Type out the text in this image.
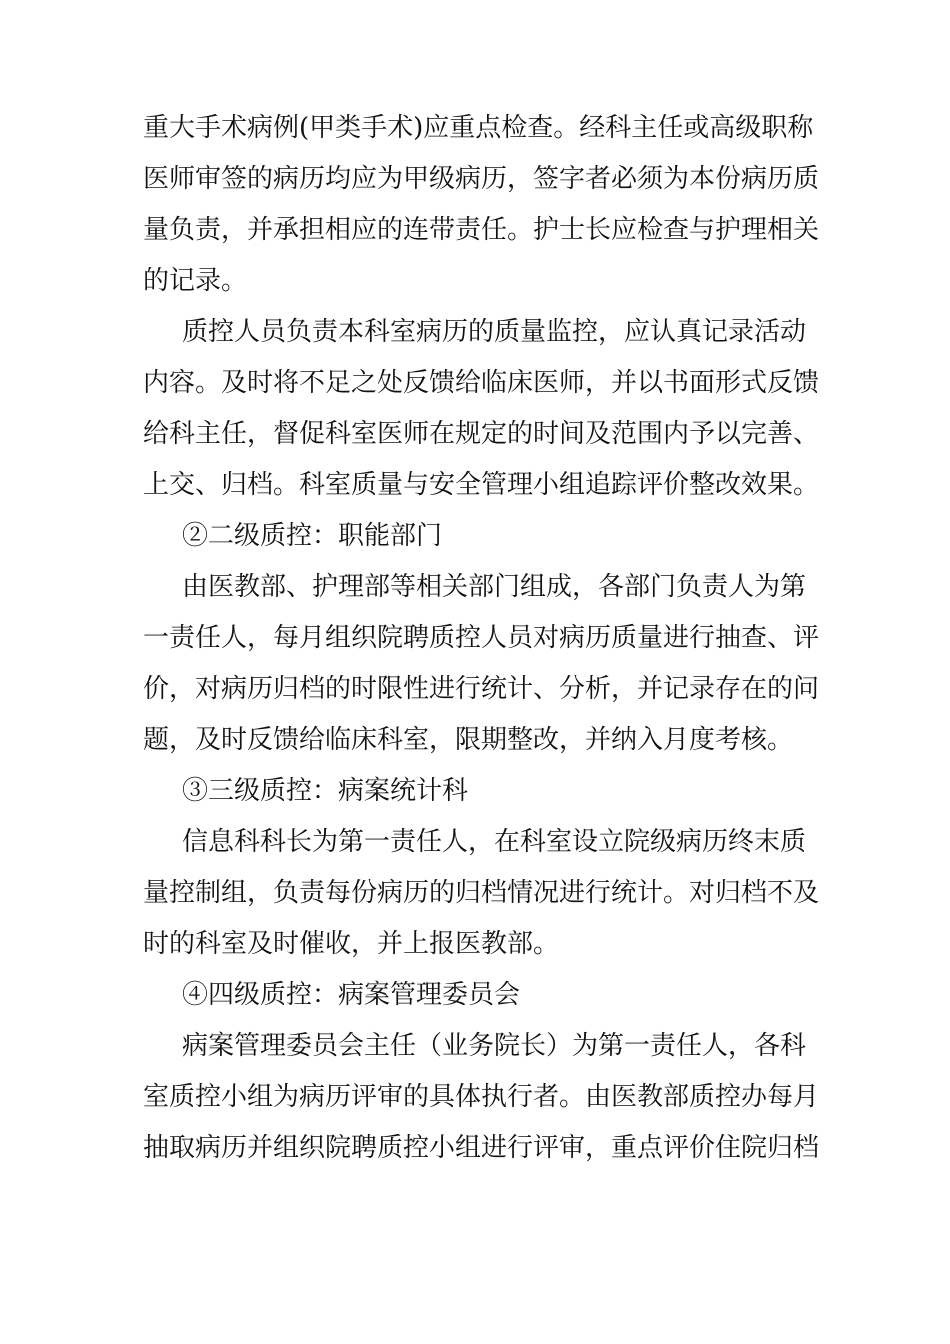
重大手术病例(甲类手术)应重点检查。经科主任或高级职称
医师审签的病历均应为甲级病历，签字者必须为本份病历质
量负责，并承担相应的连带责任。护士长应检查与护理相关
的记录。
质控人员负责本科室病历的质量监控，应认真记录活动
内容。及时将不足之处反馈给临床医师，并以书面形式反馈
给科主任，督促科室医师在规定的时间及范围内予以完善、
上交、归档。科室质量与安全管理小组追踪评价整改效果。
②二级质控：职能部门
由医教部、护理部等相关部门组成，各部门负责人为第
一责任人，每月组织院聘质控人员对病历质量进行抽查、评
价，对病历归档的时限性进行统计、分析，并记录存在的问
题，及时反馈给临床科室，限期整改，并纳入月度考核。
③三级质控：病案统计科
信息科科长为第一责任人，在科室设立院级病历终末质
量控制组，负责每份病历的归档情况进行统计。对归档不及
时的科室及时催收，并上报医教部。
④四级质控：病案管理委员会
病案管理委员会主任（业务院长）为第一责任人，各科
室质控小组为病历评审的具体执行者。由医教部质控办每月
抽取病历并组织院聘质控小组进行评审，重点评价住院归档
